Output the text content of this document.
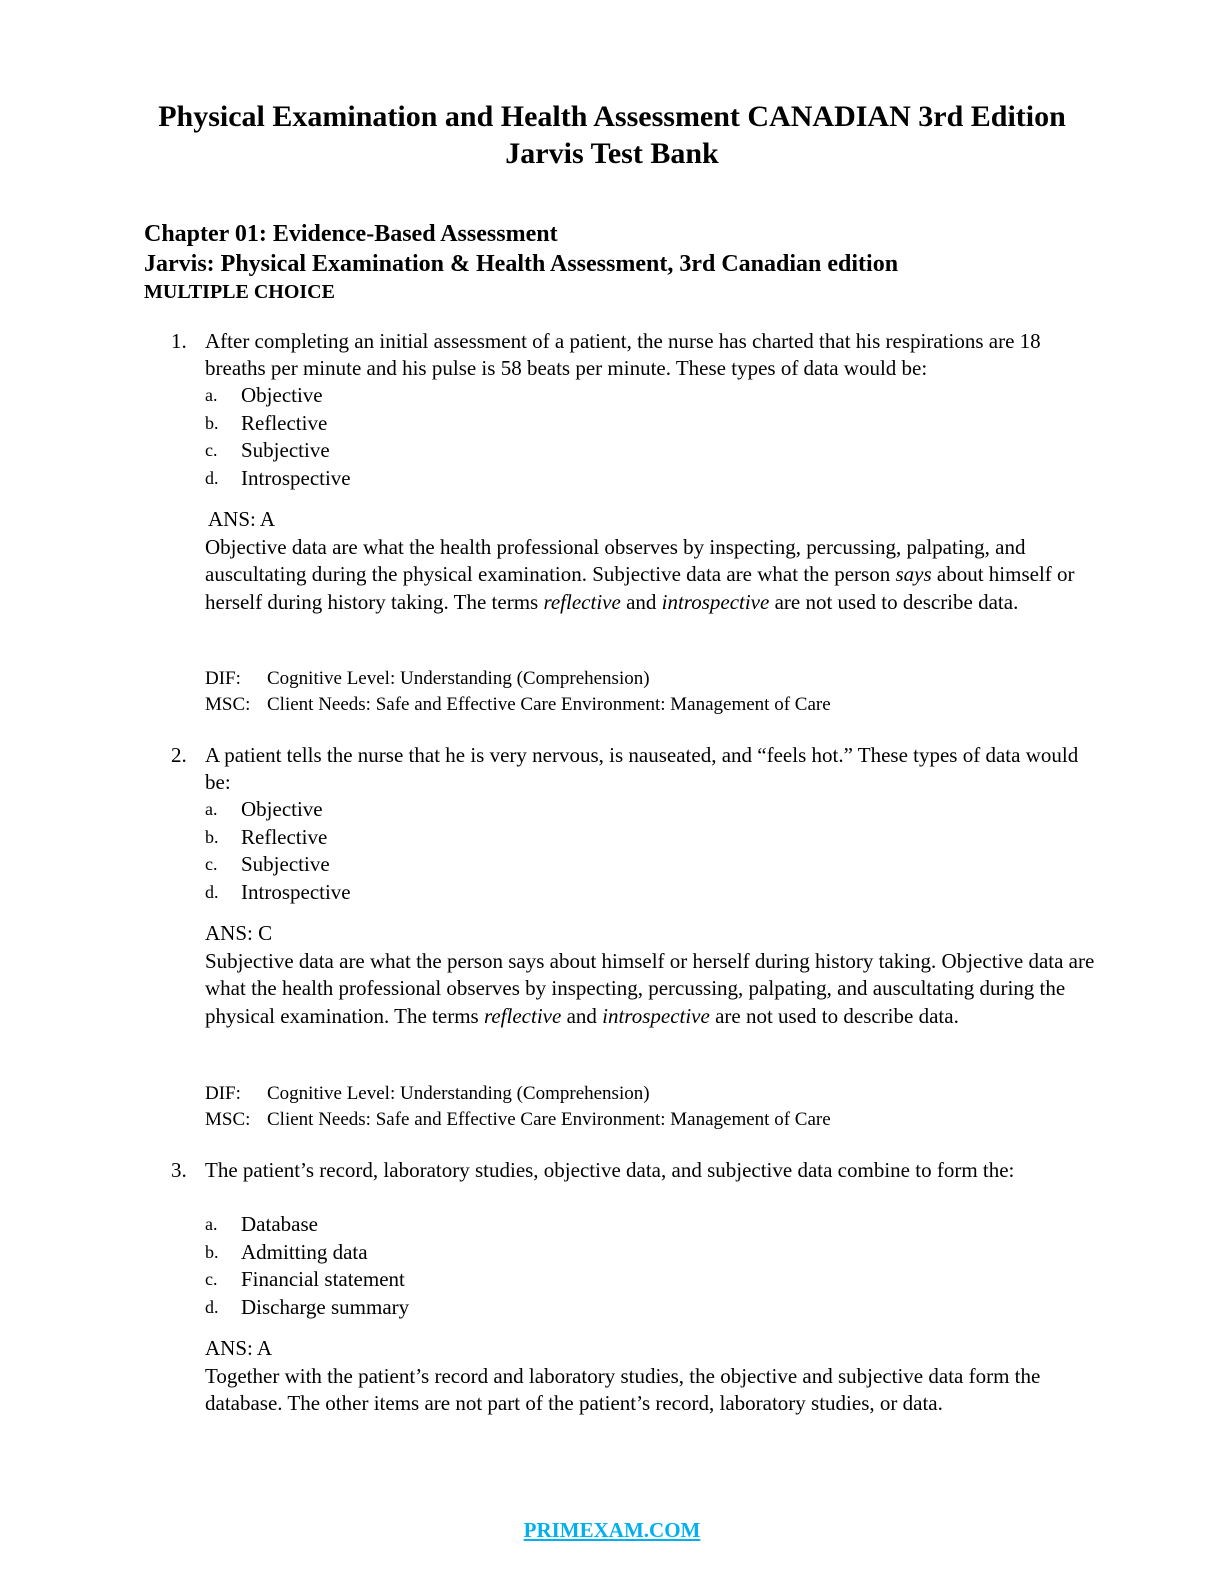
Physical Examination and Health Assessment CANADIAN 3rd Edition
Jarvis Test Bank
Chapter 01: Evidence-Based Assessment
Jarvis: Physical Examination & Health Assessment, 3rd Canadian edition
MULTIPLE CHOICE
1. After completing an initial assessment of a patient, the nurse has charted that his respirations are 18 breaths per minute and his pulse is 58 beats per minute. These types of data would be:
a.	Objective
b.	Reflective
c.	Subjective
d.	Introspective
ANS: A
Objective data are what the health professional observes by inspecting, percussing, palpating, and auscultating during the physical examination. Subjective data are what the person says about himself or herself during history taking. The terms reflective and introspective are not used to describe data.
DIF:	Cognitive Level: Understanding (Comprehension)
MSC: Client Needs: Safe and Effective Care Environment: Management of Care
2. A patient tells the nurse that he is very nervous, is nauseated, and “feels hot.” These types of data would be:
a.	Objective
b.	Reflective
c.	Subjective
d.	Introspective
ANS: C
Subjective data are what the person says about himself or herself during history taking. Objective data are what the health professional observes by inspecting, percussing, palpating, and auscultating during the physical examination. The terms reflective and introspective are not used to describe data.
DIF:	Cognitive Level: Understanding (Comprehension)
MSC: Client Needs: Safe and Effective Care Environment: Management of Care
3. The patient’s record, laboratory studies, objective data, and subjective data combine to form the:
a.	Database
b.	Admitting data
c.	Financial statement
d.	Discharge summary
ANS: A
Together with the patient’s record and laboratory studies, the objective and subjective data form the database. The other items are not part of the patient’s record, laboratory studies, or data.
PRIMEXAM.COM
